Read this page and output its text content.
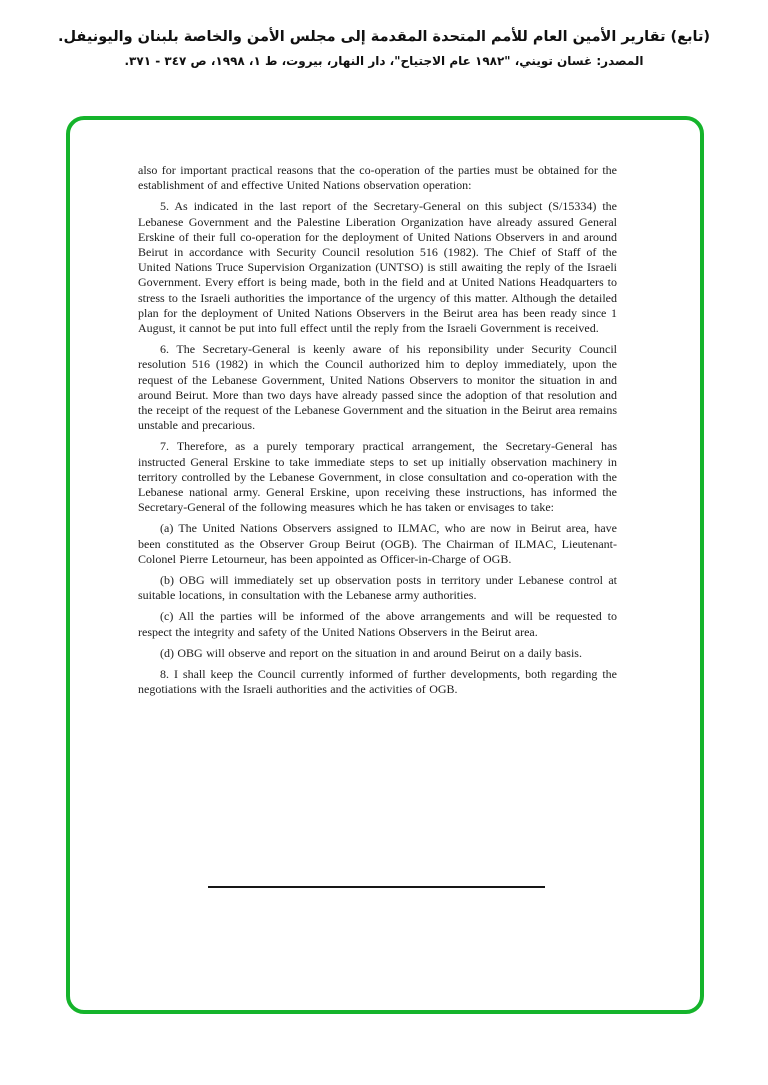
(تابع) تقارير الأمين العام للأمم المتحدة المقدمة إلى مجلس الأمن والخاصة بلبنان واليونيفل.
المصدر: غسان تويني، "١٩٨٢ عام الاجتياح"، دار النهار، بيروت، ط ١، ١٩٩٨، ص ٣٤٧ - ٣٧١.

also for important practical reasons that the co-operation of the parties must be obtained for the establishment of and effective United Nations observation operation:

5. As indicated in the last report of the Secretary-General on this subject (S/15334) the Lebanese Government and the Palestine Liberation Organization have already assured General Erskine of their full co-operation for the deployment of United Nations Observers in and around Beirut in accordance with Security Council resolution 516 (1982). The Chief of Staff of the United Nations Truce Supervision Organization (UNTSO) is still awaiting the reply of the Israeli Government. Every effort is being made, both in the field and at United Nations Headquarters to stress to the Israeli authorities the importance of the urgency of this matter. Although the detailed plan for the deployment of United Nations Observers in the Beirut area has been ready since 1 August, it cannot be put into full effect until the reply from the Israeli Government is received.

6. The Secretary-General is keenly aware of his reponsibility under Security Council resolution 516 (1982) in which the Council authorized him to deploy immediately, upon the request of the Lebanese Government, United Nations Observers to monitor the situation in and around Beirut. More than two days have already passed since the adoption of that resolution and the receipt of the request of the Lebanese Government and the situation in the Beirut area remains unstable and precarious.

7. Therefore, as a purely temporary practical arrangement, the Secretary-General has instructed General Erskine to take immediate steps to set up initially observation machinery in territory controlled by the Lebanese Government, in close consultation and co-operation with the Lebanese national army. General Erskine, upon receiving these instructions, has informed the Secretary-General of the following measures which he has taken or envisages to take:

(a) The United Nations Observers assigned to ILMAC, who are now in Beirut area, have been constituted as the Observer Group Beirut (OGB). The Chairman of ILMAC, Lieutenant-Colonel Pierre Letourneur, has been appointed as Officer-in-Charge of OGB.

(b) OBG will immediately set up observation posts in territory under Lebanese control at suitable locations, in consultation with the Lebanese army authorities.

(c) All the parties will be informed of the above arrangements and will be requested to respect the integrity and safety of the United Nations Observers in the Beirut area.

(d) OBG will observe and report on the situation in and around Beirut on a daily basis.

8. I shall keep the Council currently informed of further developments, both regarding the negotiations with the Israeli authorities and the activities of OGB.
